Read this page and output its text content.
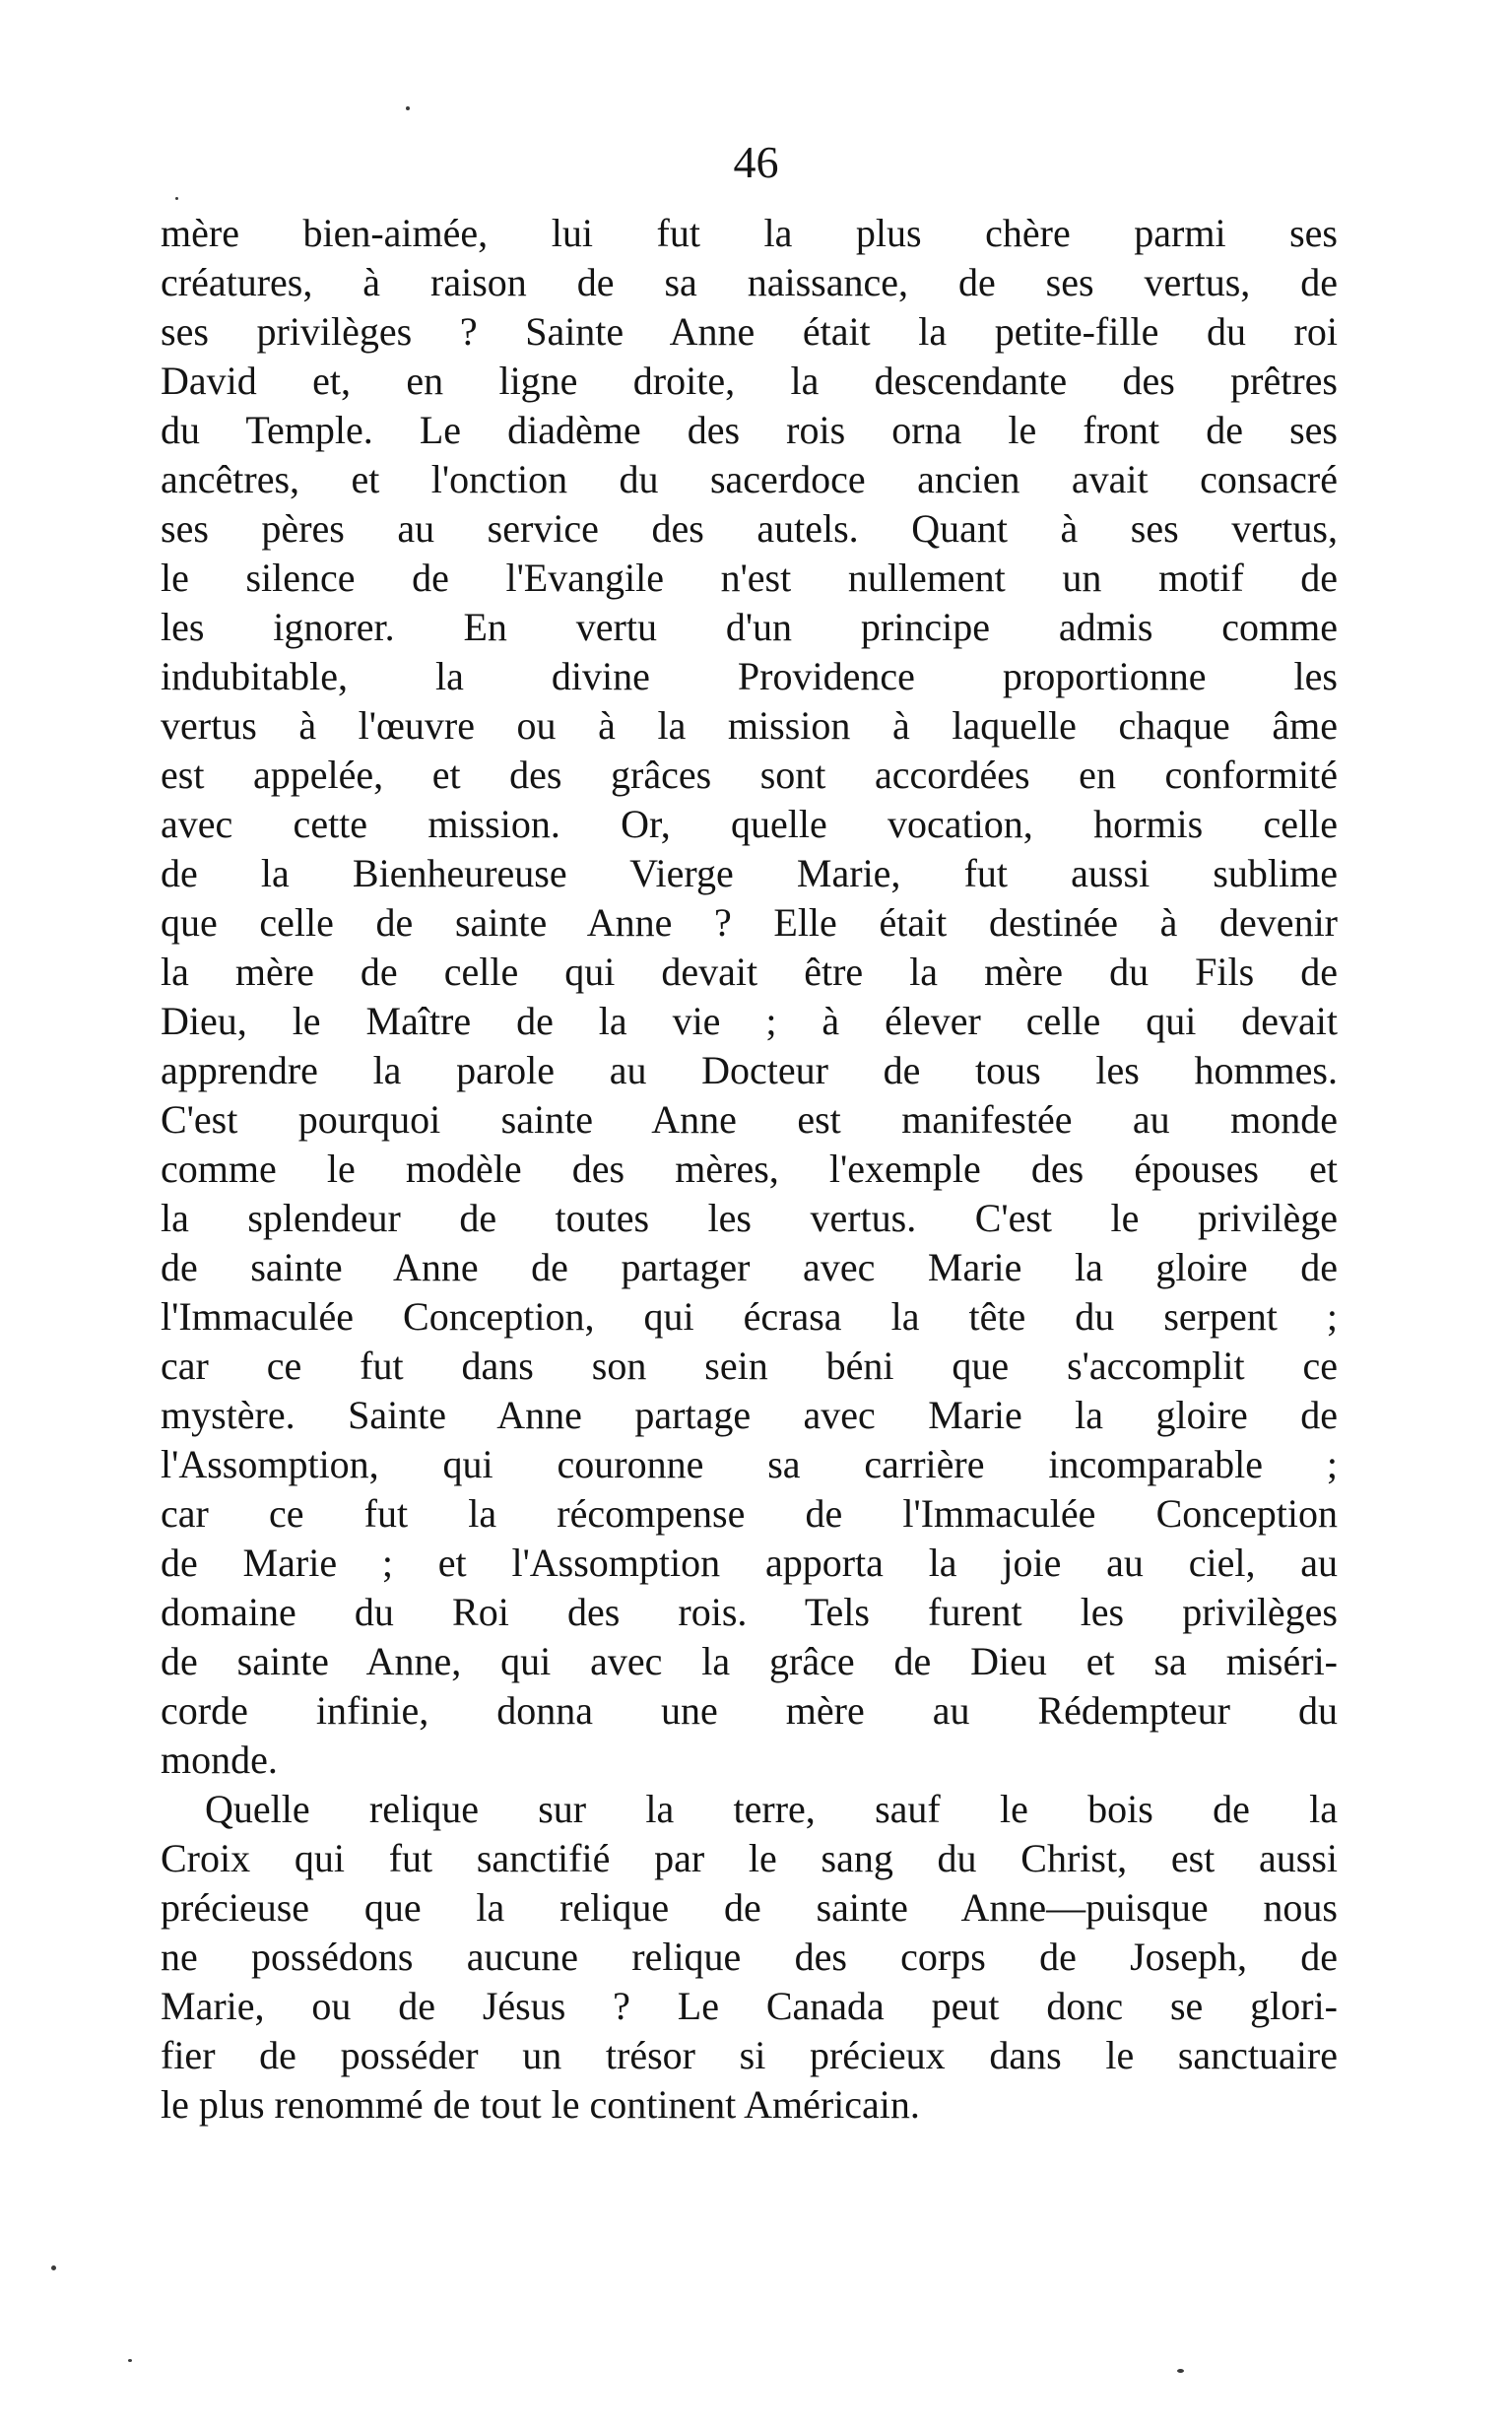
46
mère bien-aimée, lui fut la plus chère parmi ses
créatures, à raison de sa naissance, de ses vertus, de
ses privilèges ? Sainte Anne était la petite-fille du roi
David et, en ligne droite, la descendante des prêtres
du Temple. Le diadème des rois orna le front de ses
ancêtres, et l'onction du sacerdoce ancien avait consacré
ses pères au service des autels. Quant à ses vertus,
le silence de l'Evangile n'est nullement un motif de
les ignorer. En vertu d'un principe admis comme
indubitable, la divine Providence proportionne les
vertus à l'œuvre ou à la mission à laquelle chaque âme
est appelée, et des grâces sont accordées en conformité
avec cette mission. Or, quelle vocation, hormis celle
de la Bienheureuse Vierge Marie, fut aussi sublime
que celle de sainte Anne ? Elle était destinée à devenir
la mère de celle qui devait être la mère du Fils de
Dieu, le Maître de la vie ; à élever celle qui devait
apprendre la parole au Docteur de tous les hommes.
C'est pourquoi sainte Anne est manifestée au monde
comme le modèle des mères, l'exemple des épouses et
la splendeur de toutes les vertus. C'est le privilège
de sainte Anne de partager avec Marie la gloire de
l'Immaculée Conception, qui écrasa la tête du serpent ;
car ce fut dans son sein béni que s'accomplit ce
mystère. Sainte Anne partage avec Marie la gloire de
l'Assomption, qui couronne sa carrière incomparable ;
car ce fut la récompense de l'Immaculée Conception
de Marie ; et l'Assomption apporta la joie au ciel, au
domaine du Roi des rois. Tels furent les privilèges
de sainte Anne, qui avec la grâce de Dieu et sa miséri-
corde infinie, donna une mère au Rédempteur du
monde.
Quelle relique sur la terre, sauf le bois de la
Croix qui fut sanctifié par le sang du Christ, est aussi
précieuse que la relique de sainte Anne—puisque nous
ne possédons aucune relique des corps de Joseph, de
Marie, ou de Jésus ? Le Canada peut donc se glori-
fier de posséder un trésor si précieux dans le sanctuaire
le plus renommé de tout le continent Américain.
